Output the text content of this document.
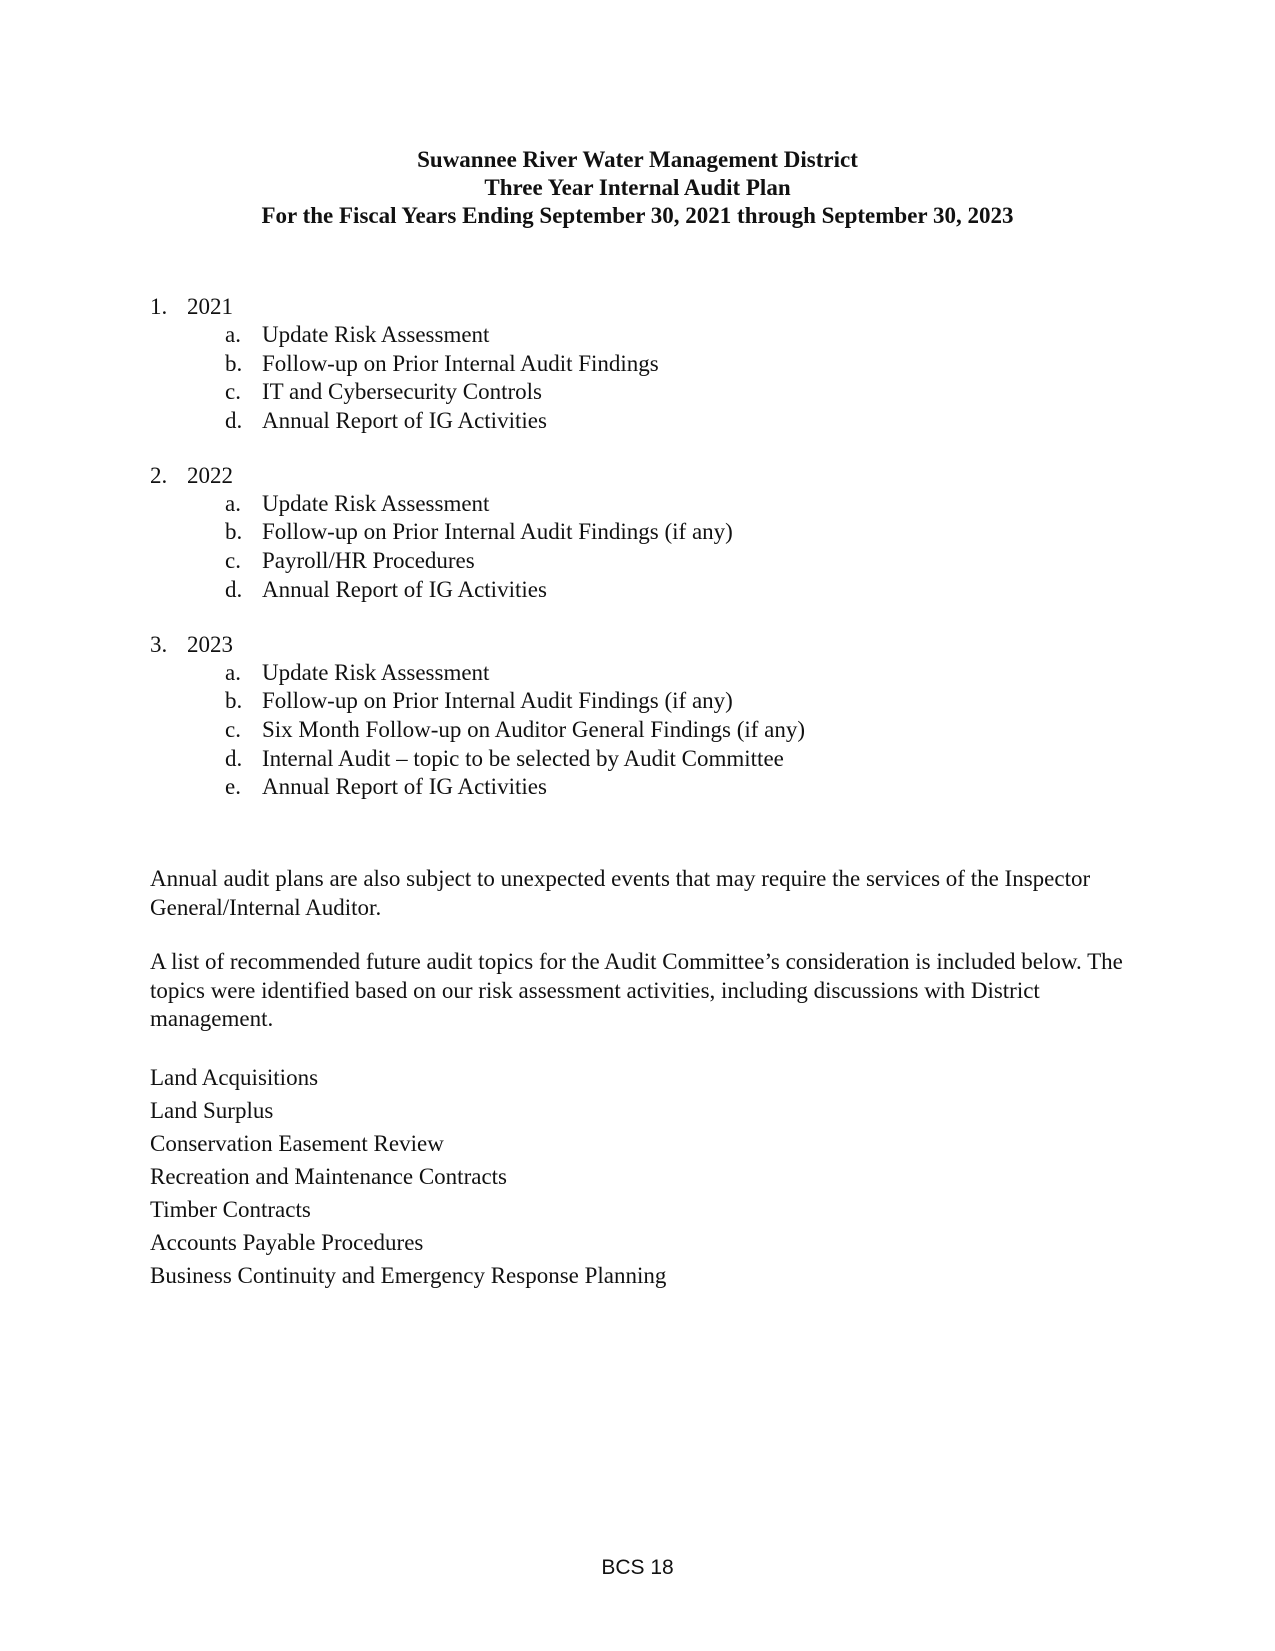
Suwannee River Water Management District
Three Year Internal Audit Plan
For the Fiscal Years Ending September 30, 2021 through September 30, 2023
1. 2021
a. Update Risk Assessment
b. Follow-up on Prior Internal Audit Findings
c. IT and Cybersecurity Controls
d. Annual Report of IG Activities
2. 2022
a. Update Risk Assessment
b. Follow-up on Prior Internal Audit Findings (if any)
c. Payroll/HR Procedures
d. Annual Report of IG Activities
3. 2023
a. Update Risk Assessment
b. Follow-up on Prior Internal Audit Findings (if any)
c. Six Month Follow-up on Auditor General Findings (if any)
d. Internal Audit – topic to be selected by Audit Committee
e. Annual Report of IG Activities

Annual audit plans are also subject to unexpected events that may require the services of the Inspector General/Internal Auditor.

A list of recommended future audit topics for the Audit Committee’s consideration is included below. The topics were identified based on our risk assessment activities, including discussions with District management.

Land Acquisitions
Land Surplus
Conservation Easement Review
Recreation and Maintenance Contracts
Timber Contracts
Accounts Payable Procedures
Business Continuity and Emergency Response Planning
BCS 18
